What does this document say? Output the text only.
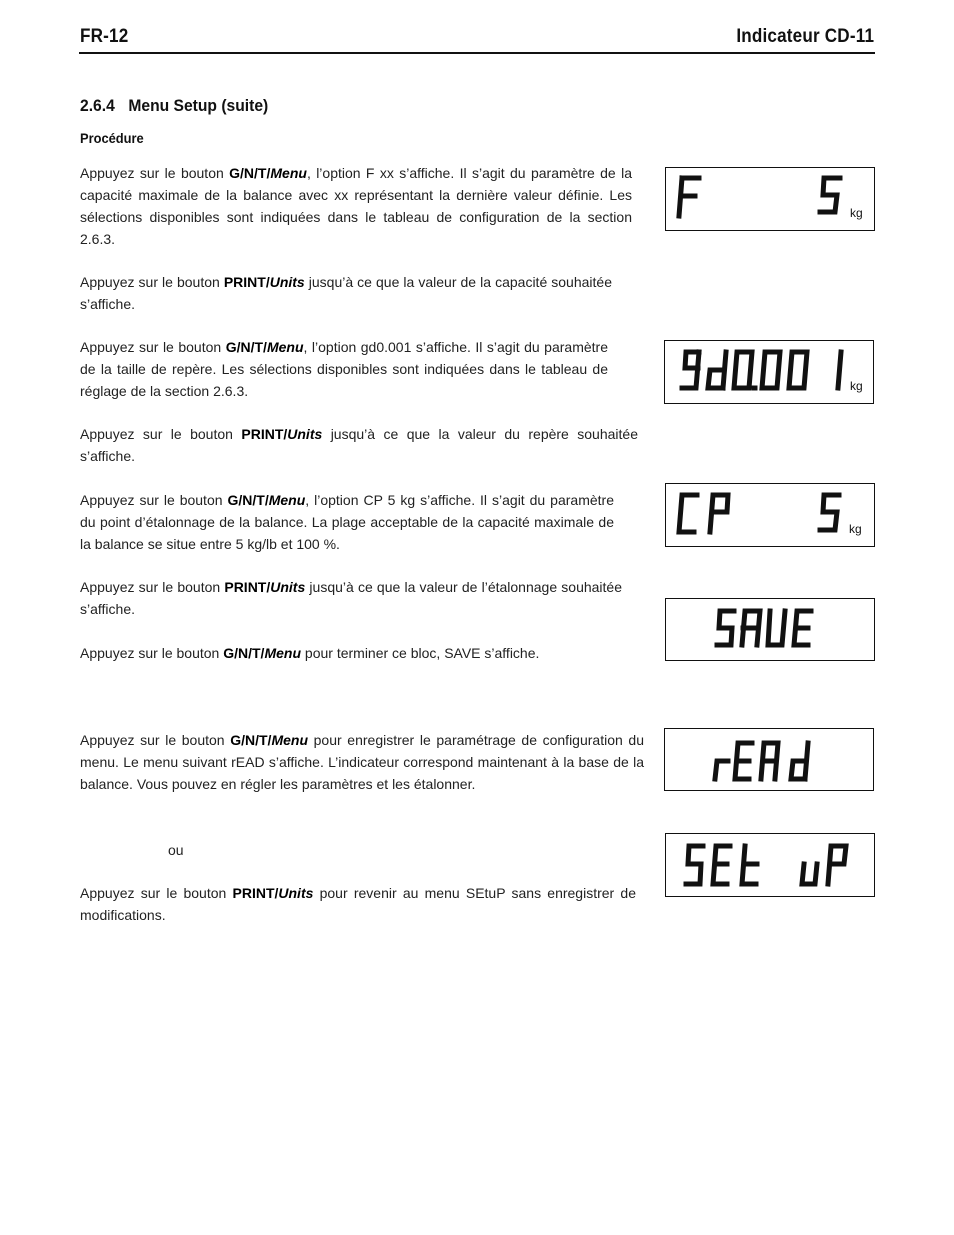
FR-12	Indicateur CD-11
2.6.4 Menu Setup (suite)
Procédure
Appuyez sur le bouton G/N/T/Menu, l’option F xx s’affiche. Il s’agit du paramètre de la capacité maximale de la balance avec xx représentant la dernière valeur définie. Les sélections disponibles sont indiquées dans le tableau de configuration de la section 2.6.3.
Appuyez sur le bouton PRINT/Units jusqu’à ce que la valeur de la capacité souhaitée s’affiche.
Appuyez sur le bouton G/N/T/Menu, l’option gd0.001 s’affiche. Il s’agit du paramètre de la taille de repère. Les sélections disponibles sont indiquées dans le tableau de réglage de la section 2.6.3.
Appuyez sur le bouton PRINT/Units jusqu’à ce que la valeur du repère souhaitée s’affiche.
Appuyez sur le bouton G/N/T/Menu, l’option CP 5 kg s’affiche. Il s’agit du paramètre du point d’étalonnage de la balance. La plage acceptable de la capacité maximale de la balance se situe entre 5 kg/lb et 100 %.
Appuyez sur le bouton PRINT/Units jusqu’à ce que la valeur de l’étalonnage souhaitée s’affiche.
Appuyez sur le bouton G/N/T/Menu pour terminer ce bloc, SAVE s’affiche.
Appuyez sur le bouton G/N/T/Menu pour enregistrer le paramétrage de configuration du menu. Le menu suivant rEAD s’affiche. L’indicateur correspond maintenant à la base de la balance. Vous pouvez en régler les paramètres et les étalonner.
ou
Appuyez sur le bouton PRINT/Units pour revenir au menu SEtuP sans enregistrer de modifications.
kg
kg
kg
